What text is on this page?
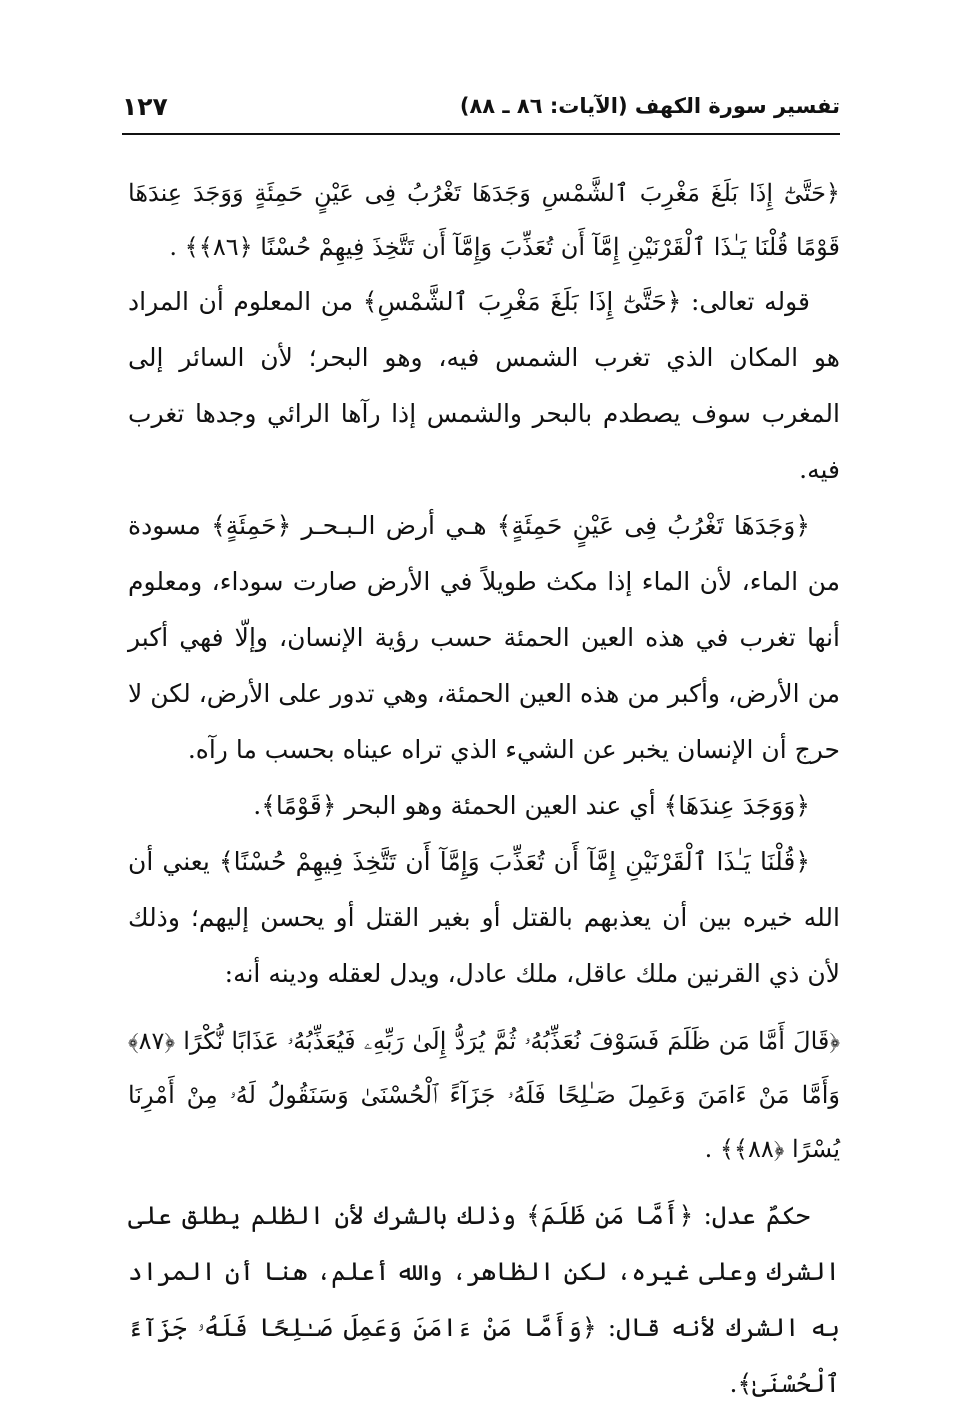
تفسير سورة الكهف (الآيات: ٨٦ ـ ٨٨)
١٢٧

﴿حَتَّىٰٓ إِذَا بَلَغَ مَغْرِبَ ٱلشَّمْسِ وَجَدَهَا تَغْرُبُ فِى عَيْنٍ حَمِئَةٍ وَوَجَدَ عِندَهَا قَوْمًا قُلْنَا يَـٰذَا ٱلْقَرْنَيْنِ إِمَّآ أَن تُعَذِّبَ وَإِمَّآ أَن تَتَّخِذَ فِيهِمْ حُسْنًا ﴿٨٦﴾﴾ .

قوله تعالى: ﴿حَتَّىٰٓ إِذَا بَلَغَ مَغْرِبَ ٱلشَّمْسِ﴾ من المعلوم أن المراد هو المكان الذي تغرب الشمس فيه، وهو البحر؛ لأن السائر إلى المغرب سوف يصطدم بالبحر والشمس إذا رآها الرائي وجدها تغرب فيه.

﴿وَجَدَهَا تَغْرُبُ فِى عَيْنٍ حَمِئَةٍ﴾ هـي أرض الـبـحـر ﴿حَمِئَةٍ﴾ مسودة من الماء، لأن الماء إذا مكث طويلاً في الأرض صارت سوداء، ومعلوم أنها تغرب في هذه العين الحمئة حسب رؤية الإنسان، وإلّا فهي أكبر من الأرض، وأكبر من هذه العين الحمئة، وهي تدور على الأرض، لكن لا حرج أن الإنسان يخبر عن الشيء الذي تراه عيناه بحسب ما رآه.

﴿وَوَجَدَ عِندَهَا﴾ أي عند العين الحمئة وهو البحر ﴿قَوْمًا﴾.

﴿قُلْنَا يَـٰذَا ٱلْقَرْنَيْنِ إِمَّآ أَن تُعَذِّبَ وَإِمَّآ أَن تَتَّخِذَ فِيهِمْ حُسْنًا﴾ يعني أن الله خيره بين أن يعذبهم بالقتل أو بغير القتل أو يحسن إليهم؛ وذلك لأن ذي القرنين ملك عاقل، ملك عادل، ويدل لعقله ودينه أنه:

﴿قَالَ أَمَّا مَن ظَلَمَ فَسَوْفَ نُعَذِّبُهُۥ ثُمَّ يُرَدُّ إِلَىٰ رَبِّهِۦ فَيُعَذِّبُهُۥ عَذَابًا نُّكْرًا ﴿٨٧﴾ وَأَمَّا مَنْ ءَامَنَ وَعَمِلَ صَـٰلِحًا فَلَهُۥ جَزَآءً ٱلْحُسْنَىٰ وَسَنَقُولُ لَهُۥ مِنْ أَمْرِنَا يُسْرًا ﴿٨٨﴾﴾ .

حكمٌ عدل: ﴿أَمَّا مَن ظَلَمَ﴾ وذلك بالشرك لأن الظلم يطلق على الشرك وعلى غيره، لكن الظاهر، والله أعلم، هنا أن المراد به الشرك لأنه قال: ﴿وَأَمَّا مَنْ ءَامَنَ وَعَمِلَ صَـٰلِحًا فَلَهُۥ جَزَآءً ٱلْحُسْنَىٰ﴾.
